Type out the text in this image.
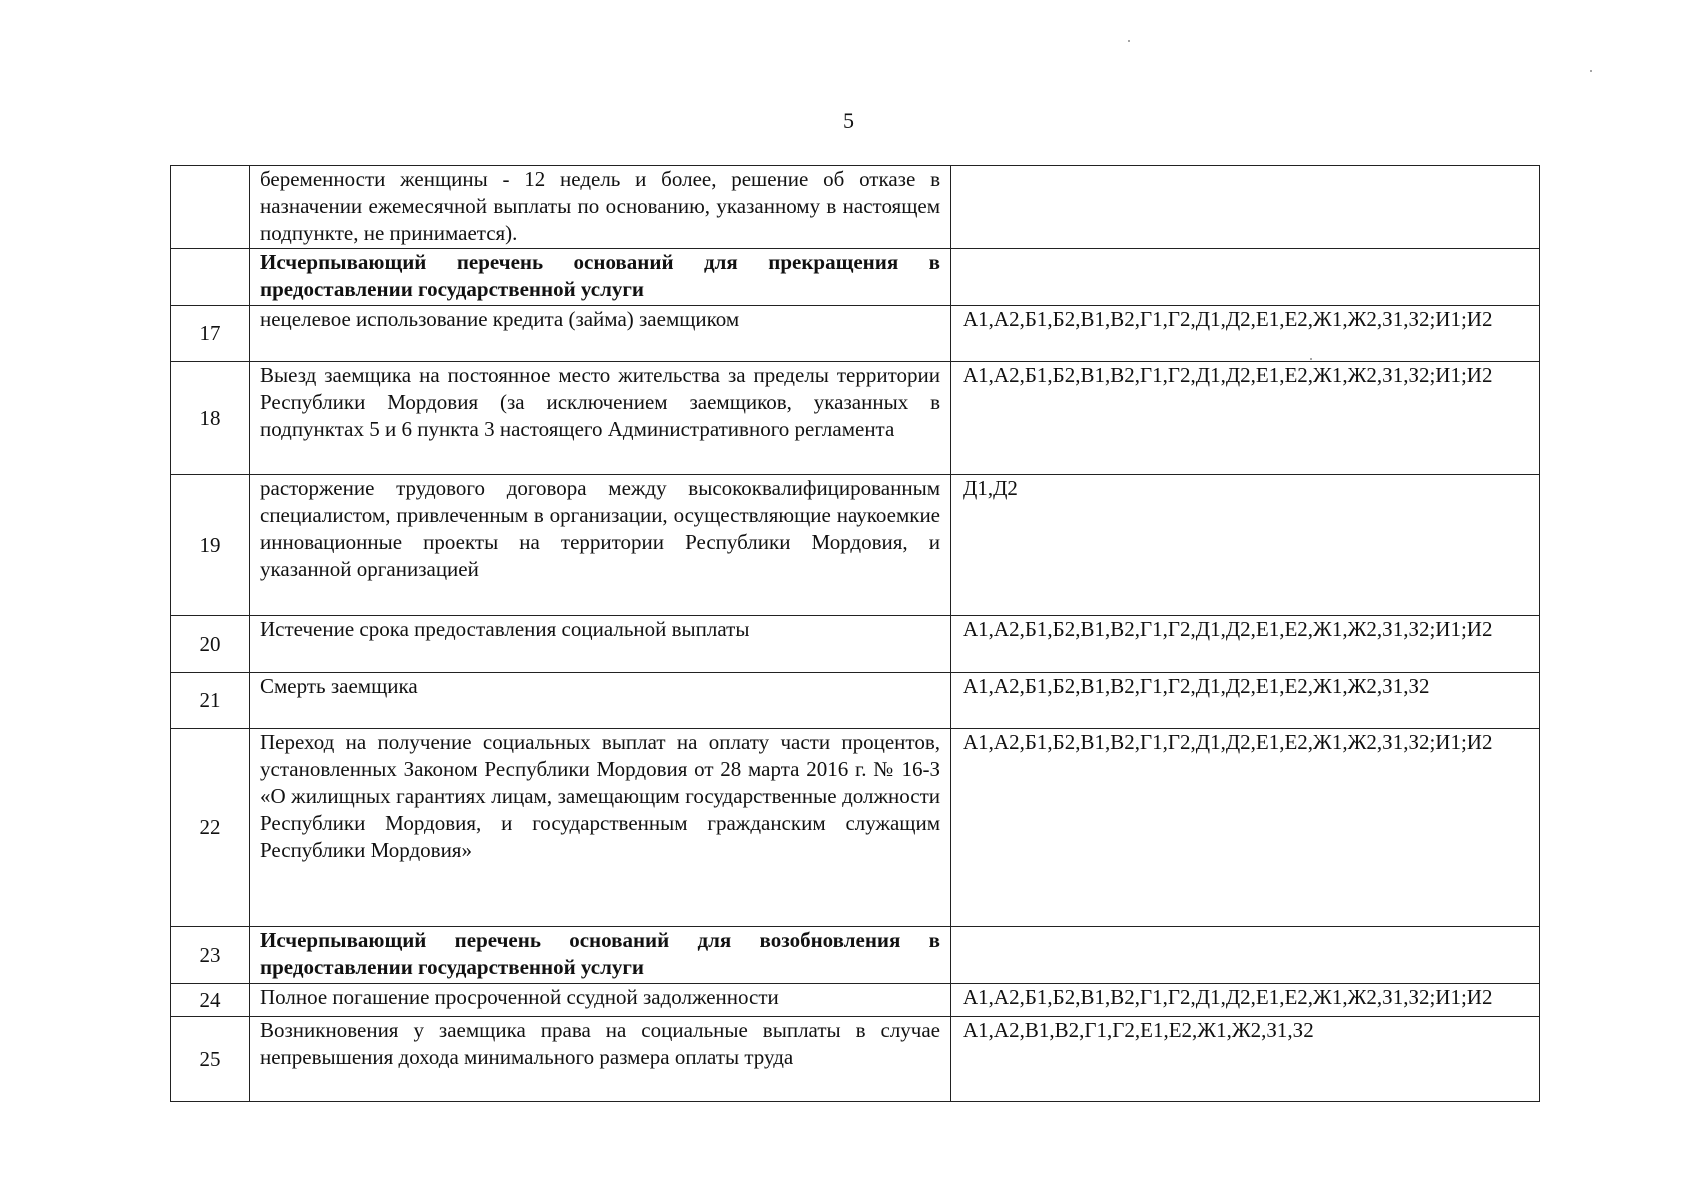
5
	беременности женщины - 12 недель и более, решение об отказе в назначении ежемесячной выплаты по основанию, указанному в настоящем подпункте, не принимается).	
	Исчерпывающий перечень оснований для прекращения в предоставлении государственной услуги	
17	нецелевое использование кредита (займа) заемщиком	А1,А2,Б1,Б2,В1,В2,Г1,Г2,Д1,Д2,Е1,Е2,Ж1,Ж2,З1,З2;И1;И2
18	Выезд заемщика на постоянное место жительства за пределы территории Республики Мордовия (за исключением заемщиков, указанных в подпунктах 5 и 6 пункта 3 настоящего Административного регламента	А1,А2,Б1,Б2,В1,В2,Г1,Г2,Д1,Д2,Е1,Е2,Ж1,Ж2,З1,З2;И1;И2
19	расторжение трудового договора между высококвалифицированным специалистом, привлеченным в организации, осуществляющие наукоемкие инновационные проекты на территории Республики Мордовия, и указанной организацией	Д1,Д2
20	Истечение срока предоставления социальной выплаты	А1,А2,Б1,Б2,В1,В2,Г1,Г2,Д1,Д2,Е1,Е2,Ж1,Ж2,З1,З2;И1;И2
21	Смерть заемщика	А1,А2,Б1,Б2,В1,В2,Г1,Г2,Д1,Д2,Е1,Е2,Ж1,Ж2,З1,З2
22	Переход на получение социальных выплат на оплату части процентов, установленных Законом Республики Мордовия от 28 марта 2016 г. № 16-З «О жилищных гарантиях лицам, замещающим государственные должности Республики Мордовия, и государственным гражданским служащим Республики Мордовия»	А1,А2,Б1,Б2,В1,В2,Г1,Г2,Д1,Д2,Е1,Е2,Ж1,Ж2,З1,З2;И1;И2
23	Исчерпывающий перечень оснований для возобновления в предоставлении государственной услуги	
24	Полное погашение просроченной ссудной задолженности	А1,А2,Б1,Б2,В1,В2,Г1,Г2,Д1,Д2,Е1,Е2,Ж1,Ж2,З1,З2;И1;И2
25	Возникновения у заемщика права на социальные выплаты в случае непревышения дохода минимального размера оплаты труда	А1,А2,В1,В2,Г1,Г2,Е1,Е2,Ж1,Ж2,З1,З2
